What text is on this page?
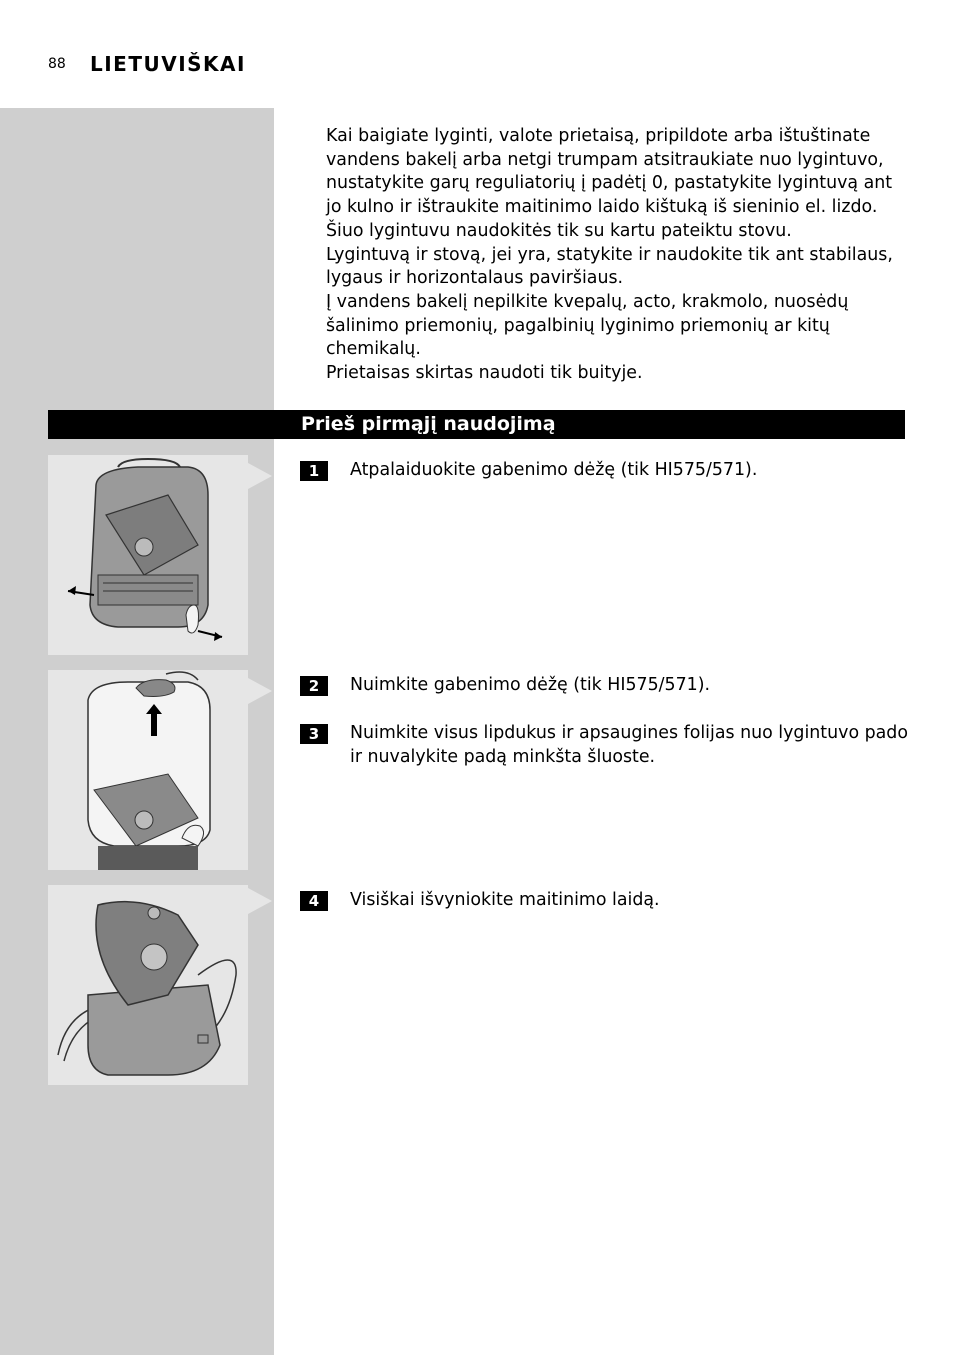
88 LIETUVIŠKAI

Kai baigiate lyginti, valote prietaisą, pripildote arba ištuštinate vandens bakelį arba netgi trumpam atsitraukiate nuo lygintuvo, nustatykite garų reguliatorių į padėtį 0, pastatykite lygintuvą ant jo kulno ir ištraukite maitinimo laido kištuką iš sieninio el. lizdo.

Šiuo lygintuvu naudokitės tik su kartu pateiktu stovu.

Lygintuvą ir stovą, jei yra, statykite ir naudokite tik ant stabilaus, lygaus ir horizontalaus paviršiaus.

Į vandens bakelį nepilkite kvepalų, acto, krakmolo, nuosėdų šalinimo priemonių, pagalbinių lyginimo priemonių ar kitų chemikalų.

Prietaisas skirtas naudoti tik buityje.

Prieš pirmąjį naudojimą
1	Atpalaiduokite gabenimo dėžę (tik HI575/571).
2	Nuimkite gabenimo dėžę (tik HI575/571).
3	Nuimkite visus lipdukus ir apsaugines folijas nuo lygintuvo pado ir nuvalykite padą minkšta šluoste.
4	Visiškai išvyniokite maitinimo laidą.
